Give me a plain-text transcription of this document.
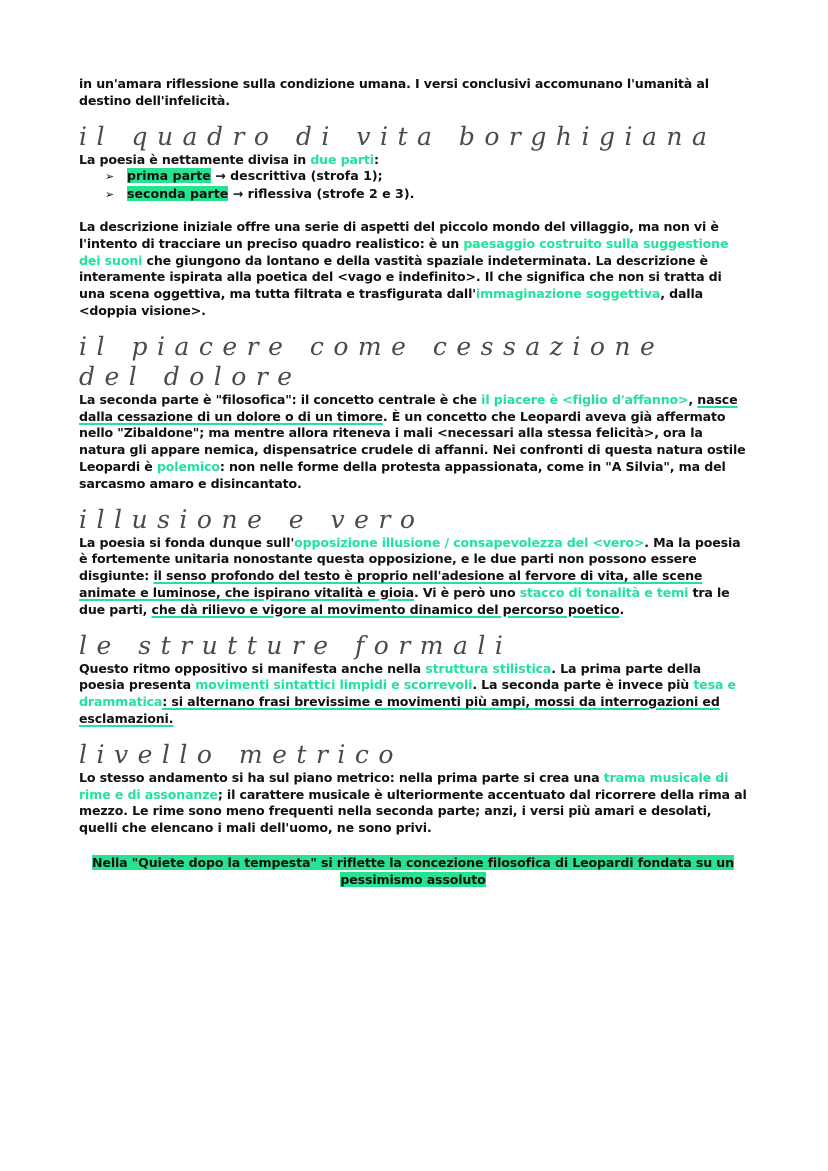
in un'amara riflessione sulla condizione umana. I versi conclusivi accomunano l'umanità al destino dell'infelicità.

il quadro di vita borghigiana

La poesia è nettamente divisa in due parti:

➢ prima parte → descrittiva (strofa 1);
➢ seconda parte → riflessiva (strofe 2 e 3).

La descrizione iniziale offre una serie di aspetti del piccolo mondo del villaggio, ma non vi è l'intento di tracciare un preciso quadro realistico: è un paesaggio costruito sulla suggestione dei suoni che giungono da lontano e della vastità spaziale indeterminata. La descrizione è interamente ispirata alla poetica del <vago e indefinito>. Il che significa che non si tratta di una scena oggettiva, ma tutta filtrata e trasfigurata dall'immaginazione soggettiva, dalla <doppia visione>.

il piacere come cessazione del dolore

La seconda parte è "filosofica": il concetto centrale è che il piacere è <figlio d'affanno>, nasce dalla cessazione di un dolore o di un timore. È un concetto che Leopardi aveva già affermato nello "Zibaldone"; ma mentre allora riteneva i mali <necessari alla stessa felicità>, ora la natura gli appare nemica, dispensatrice crudele di affanni. Nei confronti di questa natura ostile Leopardi è polemico: non nelle forme della protesta appassionata, come in "A Silvia", ma del sarcasmo amaro e disincantato.

illusione e vero

La poesia si fonda dunque sull'opposizione illusione / consapevolezza del <vero>. Ma la poesia è fortemente unitaria nonostante questa opposizione, e le due parti non possono essere disgiunte: il senso profondo del testo è proprio nell'adesione al fervore di vita, alle scene animate e luminose, che ispirano vitalità e gioia. Vi è però uno stacco di tonalità e temi tra le due parti, che dà rilievo e vigore al movimento dinamico del percorso poetico.

le strutture formali

Questo ritmo oppositivo si manifesta anche nella struttura stilistica. La prima parte della poesia presenta movimenti sintattici limpidi e scorrevoli. La seconda parte è invece più tesa e drammatica: si alternano frasi brevissime e movimenti più ampi, mossi da interrogazioni ed esclamazioni.

livello metrico

Lo stesso andamento si ha sul piano metrico: nella prima parte si crea una trama musicale di rime e di assonanze; il carattere musicale è ulteriormente accentuato dal ricorrere della rima al mezzo. Le rime sono meno frequenti nella seconda parte; anzi, i versi più amari e desolati, quelli che elencano i mali dell'uomo, ne sono privi.

Nella "Quiete dopo la tempesta" si riflette la concezione filosofica di Leopardi fondata su un pessimismo assoluto
